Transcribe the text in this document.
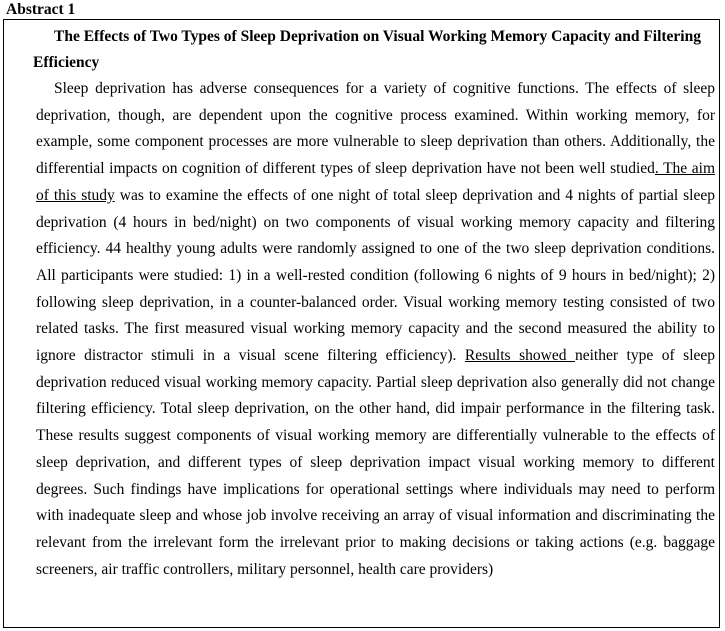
Abstract 1

The Effects of Two Types of Sleep Deprivation on Visual Working Memory Capacity and Filtering Efficiency

Sleep deprivation has adverse consequences for a variety of cognitive functions. The effects of sleep deprivation, though, are dependent upon the cognitive process examined. Within working memory, for example, some component processes are more vulnerable to sleep deprivation than others. Additionally, the differential impacts on cognition of different types of sleep deprivation have not been well studied. The aim of this study was to examine the effects of one night of total sleep deprivation and 4 nights of partial sleep deprivation (4 hours in bed/night) on two components of visual working memory capacity and filtering efficiency. 44 healthy young adults were randomly assigned to one of the two sleep deprivation conditions. All participants were studied: 1) in a well-rested condition (following 6 nights of 9 hours in bed/night); 2) following sleep deprivation, in a counter-balanced order. Visual working memory testing consisted of two related tasks. The first measured visual working memory capacity and the second measured the ability to ignore distractor stimuli in a visual scene filtering efficiency). Results showed neither type of sleep deprivation reduced visual working memory capacity. Partial sleep deprivation also generally did not change filtering efficiency. Total sleep deprivation, on the other hand, did impair performance in the filtering task. These results suggest components of visual working memory are differentially vulnerable to the effects of sleep deprivation, and different types of sleep deprivation impact visual working memory to different degrees. Such findings have implications for operational settings where individuals may need to perform with inadequate sleep and whose job involve receiving an array of visual information and discriminating the relevant from the irrelevant form the irrelevant prior to making decisions or taking actions (e.g. baggage screeners, air traffic controllers, military personnel, health care providers)
